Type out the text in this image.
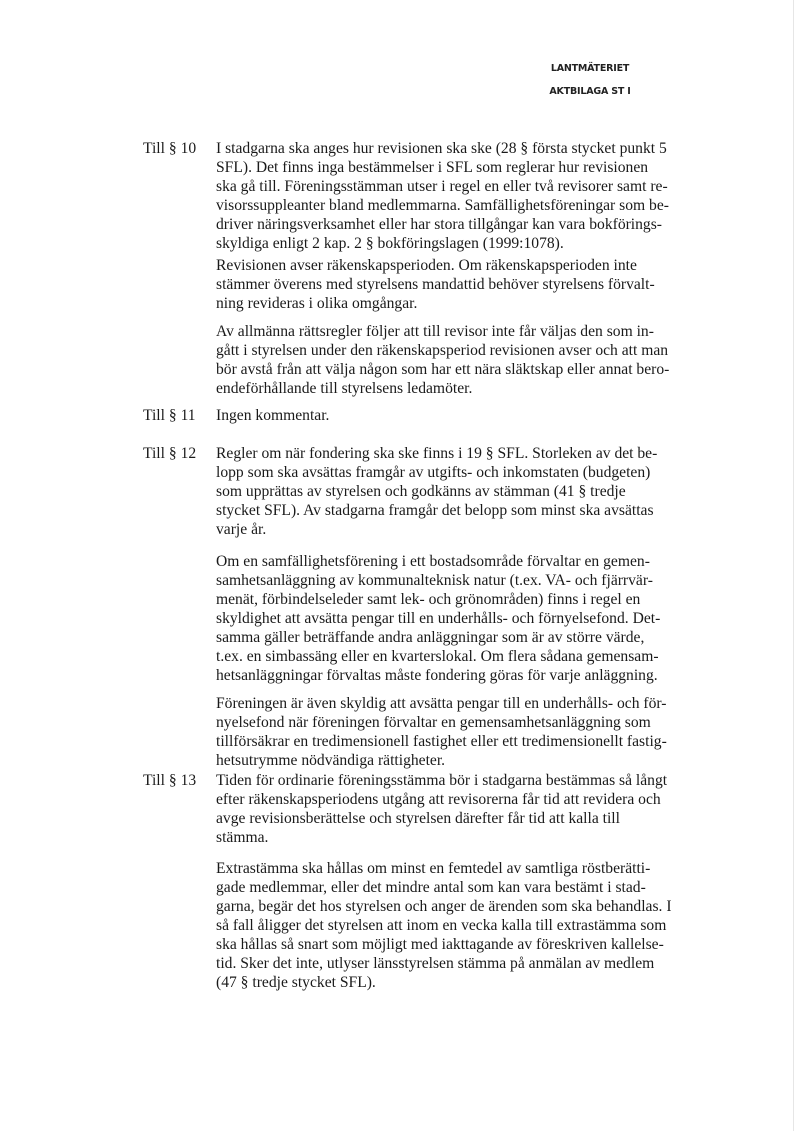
LANTMÄTERIET
AKTBILAGA ST I
Till § 10 I stadgarna ska anges hur revisionen ska ske (28 § första stycket punkt 5
SFL). Det finns inga bestämmelser i SFL som reglerar hur revisionen
ska gå till. Föreningsstämman utser i regel en eller två revisorer samt re-
visorssuppleanter bland medlemmarna. Samfällighetsföreningar som be-
driver näringsverksamhet eller har stora tillgångar kan vara bokförings-
skyldiga enligt 2 kap. 2 § bokföringslagen (1999:1078).
Revisionen avser räkenskapsperioden. Om räkenskapsperioden inte
stämmer överens med styrelsens mandattid behöver styrelsens förvalt-
ning revideras i olika omgångar.
Av allmänna rättsregler följer att till revisor inte får väljas den som in-
gått i styrelsen under den räkenskapsperiod revisionen avser och att man
bör avstå från att välja någon som har ett nära släktskap eller annat bero-
endeförhållande till styrelsens ledamöter.
Till § 11 Ingen kommentar.
Till § 12 Regler om när fondering ska ske finns i 19 § SFL. Storleken av det be-
lopp som ska avsättas framgår av utgifts- och inkomstaten (budgeten)
som upprättas av styrelsen och godkänns av stämman (41 § tredje
stycket SFL). Av stadgarna framgår det belopp som minst ska avsättas
varje år.
Om en samfällighetsförening i ett bostadsområde förvaltar en gemen-
samhetsanläggning av kommunalteknisk natur (t.ex. VA- och fjärrvär-
menät, förbindelseleder samt lek- och grönområden) finns i regel en
skyldighet att avsätta pengar till en underhålls- och förnyelsefond. Det-
samma gäller beträffande andra anläggningar som är av större värde,
t.ex. en simbassäng eller en kvarterslokal. Om flera sådana gemensam-
hetsanläggningar förvaltas måste fondering göras för varje anläggning.
Föreningen är även skyldig att avsätta pengar till en underhålls- och för-
nyelsefond när föreningen förvaltar en gemensamhetsanläggning som
tillförsäkrar en tredimensionell fastighet eller ett tredimensionellt fastig-
hetsutrymme nödvändiga rättigheter.
Till § 13 Tiden för ordinarie föreningsstämma bör i stadgarna bestämmas så långt
efter räkenskapsperiodens utgång att revisorerna får tid att revidera och
avge revisionsberättelse och styrelsen därefter får tid att kalla till
stämma.
Extrastämma ska hållas om minst en femtedel av samtliga röstberätti-
gade medlemmar, eller det mindre antal som kan vara bestämt i stad-
garna, begär det hos styrelsen och anger de ärenden som ska behandlas. I
så fall åligger det styrelsen att inom en vecka kalla till extrastämma som
ska hållas så snart som möjligt med iakttagande av föreskriven kallelse-
tid. Sker det inte, utlyser länsstyrelsen stämma på anmälan av medlem
(47 § tredje stycket SFL).
